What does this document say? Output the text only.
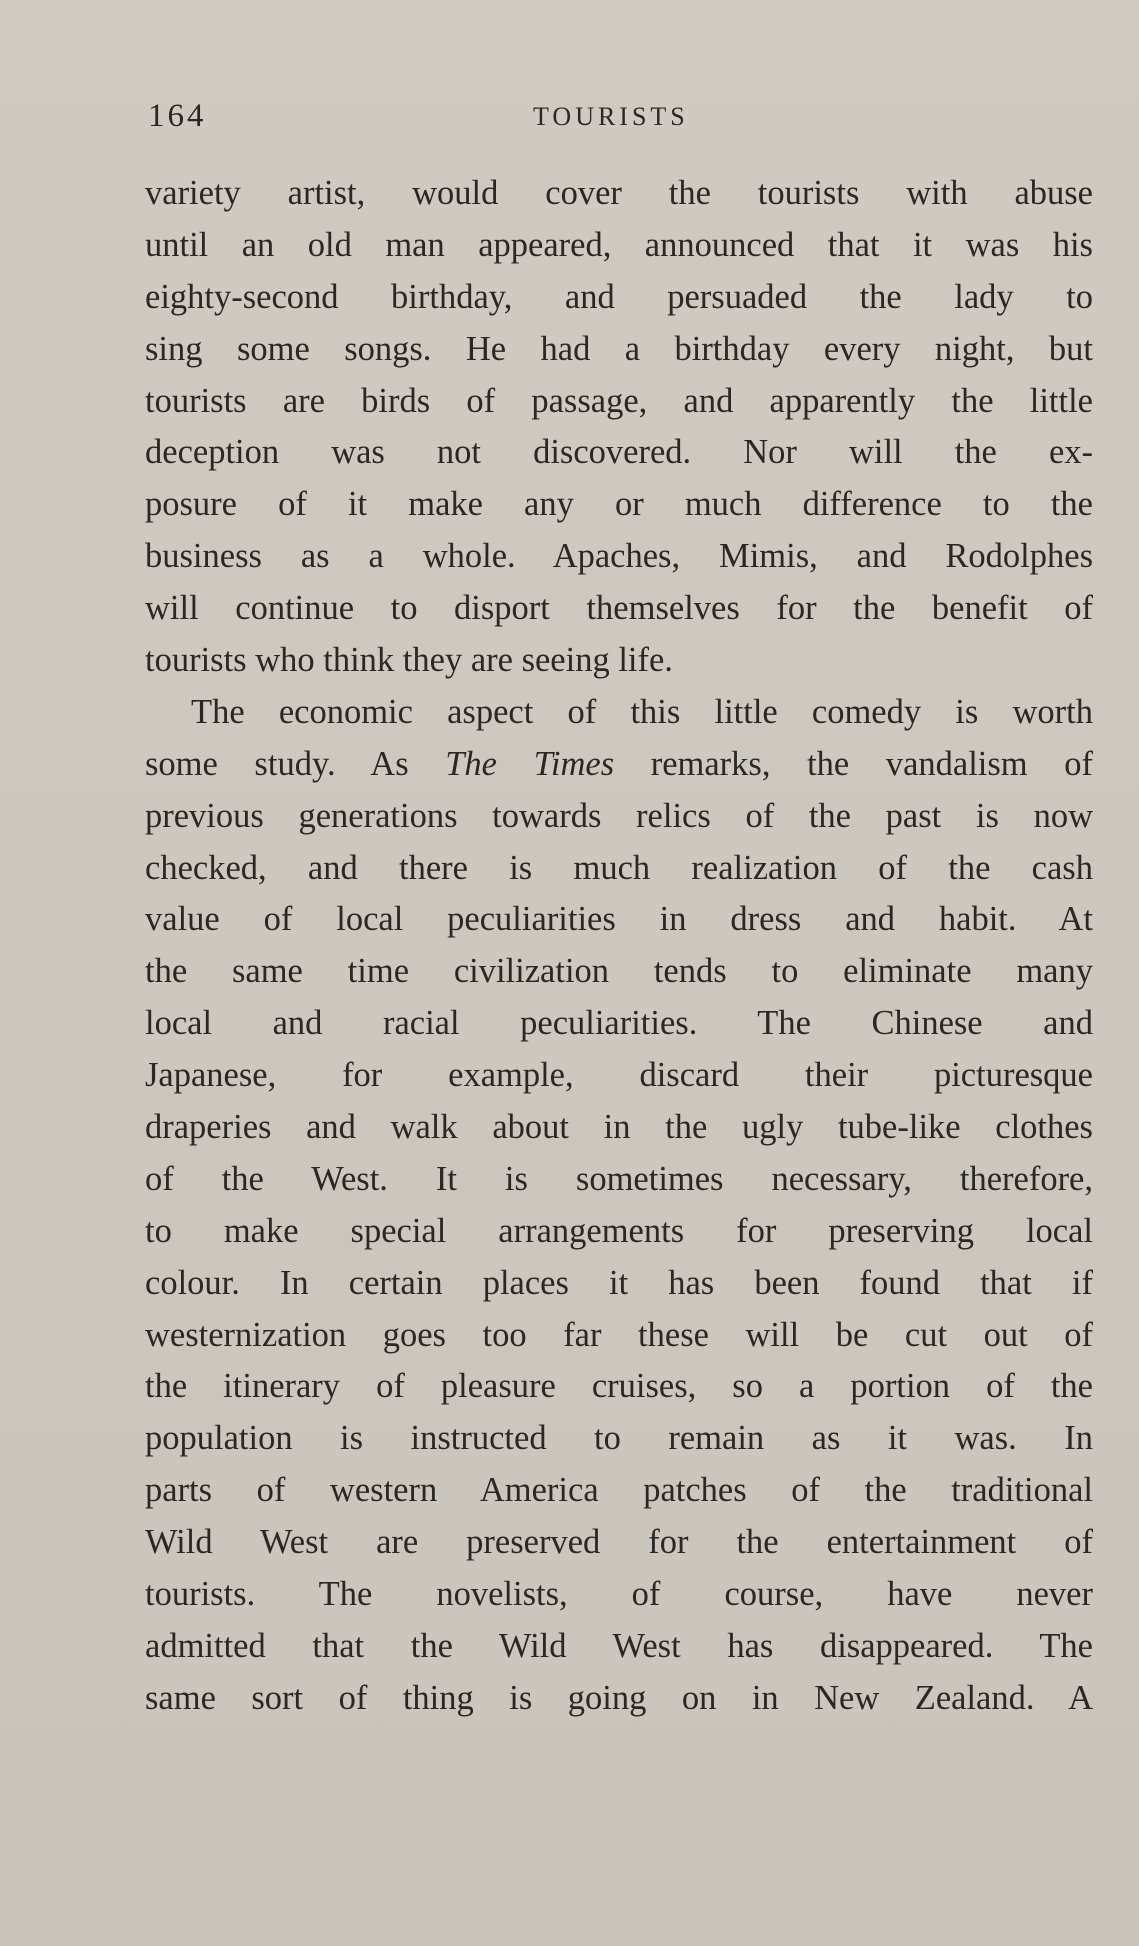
164	TOURISTS
variety artist, would cover the tourists with abuse
until an old man appeared, announced that it was his
eighty-second birthday, and persuaded the lady to
sing some songs. He had a birthday every night, but
tourists are birds of passage, and apparently the little
deception was not discovered. Nor will the ex-
posure of it make any or much difference to the
business as a whole. Apaches, Mimis, and Rodolphes
will continue to disport themselves for the benefit of
tourists who think they are seeing life.
The economic aspect of this little comedy is worth
some study. As The Times remarks, the vandalism of
previous generations towards relics of the past is now
checked, and there is much realization of the cash
value of local peculiarities in dress and habit. At
the same time civilization tends to eliminate many
local and racial peculiarities. The Chinese and
Japanese, for example, discard their picturesque
draperies and walk about in the ugly tube-like clothes
of the West. It is sometimes necessary, therefore,
to make special arrangements for preserving local
colour. In certain places it has been found that if
westernization goes too far these will be cut out of
the itinerary of pleasure cruises, so a portion of the
population is instructed to remain as it was. In
parts of western America patches of the traditional
Wild West are preserved for the entertainment of
tourists. The novelists, of course, have never
admitted that the Wild West has disappeared. The
same sort of thing is going on in New Zealand. A
